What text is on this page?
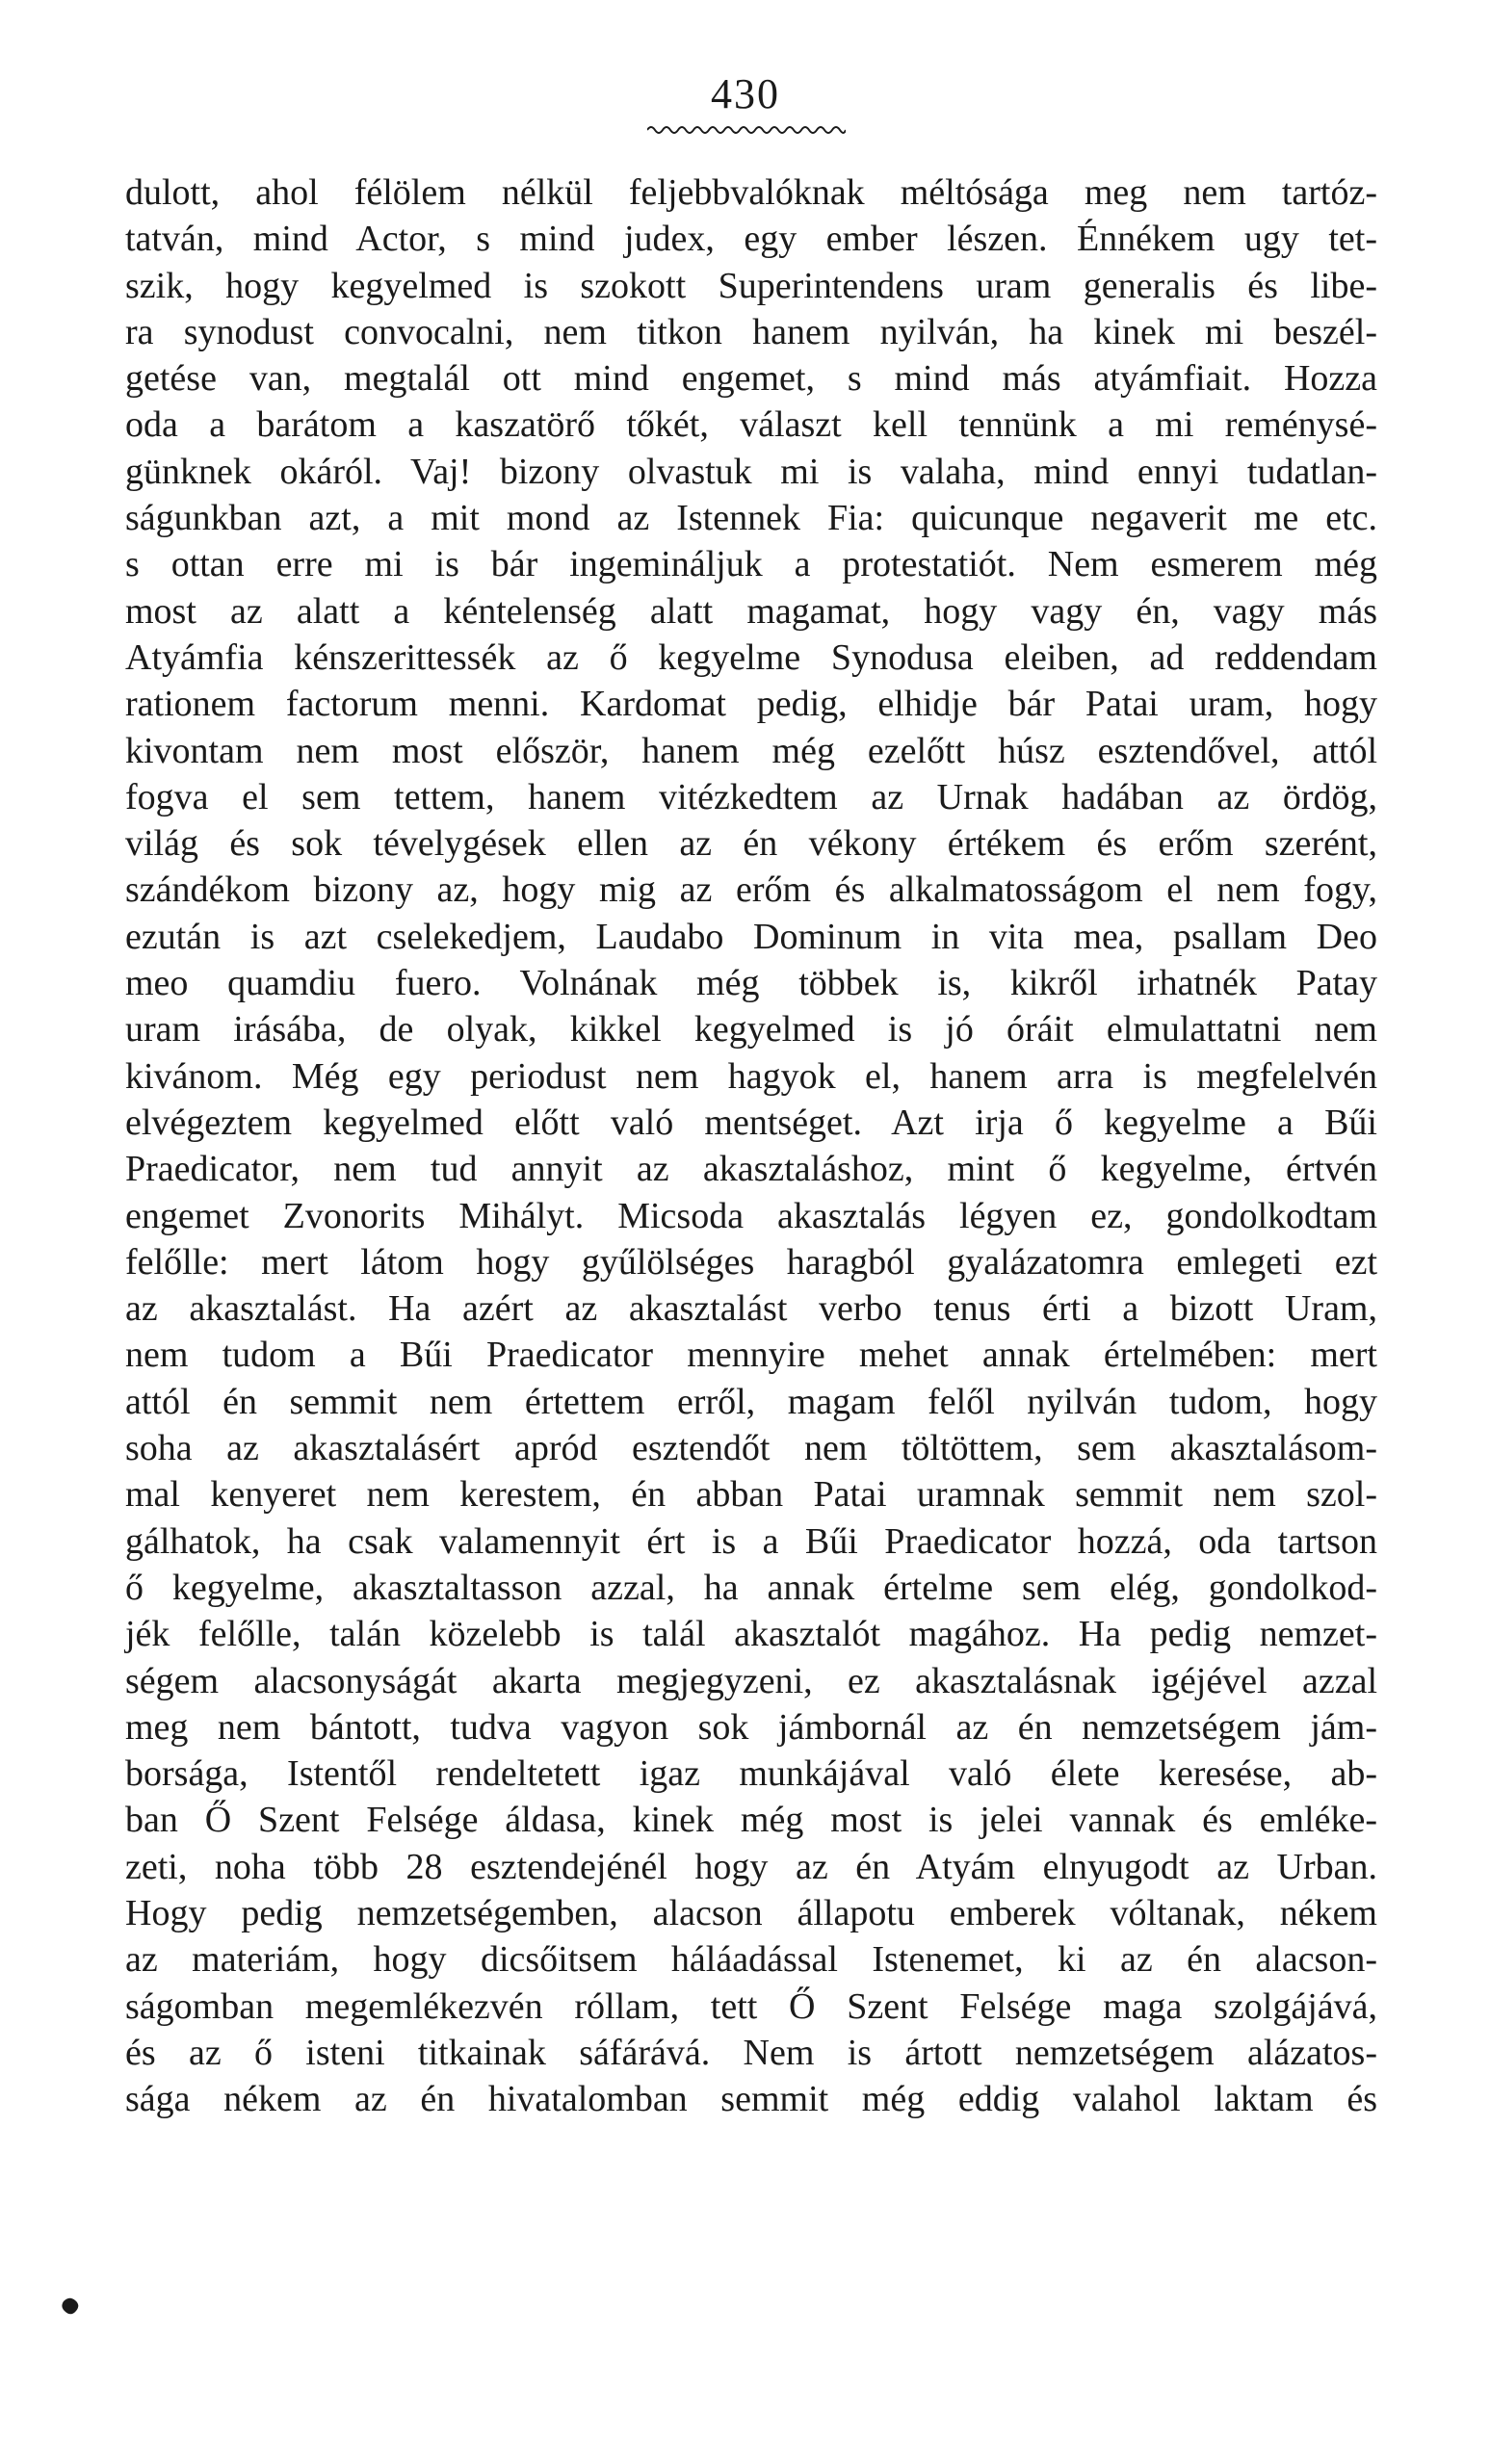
430
dulott, ahol félölem nélkül feljebbvalóknak méltósága meg nem tartóz-
tatván, mind Actor, s mind judex, egy ember lészen. Énnékem ugy tet-
szik, hogy kegyelmed is szokott Superintendens uram generalis és libe-
ra synodust convocalni, nem titkon hanem nyilván, ha kinek mi beszél-
getése van, megtalál ott mind engemet, s mind más atyámfiait. Hozza
oda a barátom a kaszatörő tőkét, választ kell tennünk a mi reménysé-
günknek okáról. Vaj! bizony olvastuk mi is valaha, mind ennyi tudatlan-
ságunkban azt, a mit mond az Istennek Fia: quicunque negaverit me etc.
s ottan erre mi is bár ingemináljuk a protestatiót. Nem esmerem még
most az alatt a kéntelenség alatt magamat, hogy vagy én, vagy más
Atyámfia kénszerittessék az ő kegyelme Synodusa eleiben, ad reddendam
rationem factorum menni. Kardomat pedig, elhidje bár Patai uram, hogy
kivontam nem most először, hanem még ezelőtt húsz esztendővel, attól
fogva el sem tettem, hanem vitézkedtem az Urnak hadában az ördög,
világ és sok tévelygések ellen az én vékony értékem és erőm szerént,
szándékom bizony az, hogy mig az erőm és alkalmatosságom el nem fogy,
ezután is azt cselekedjem, Laudabo Dominum in vita mea, psallam Deo
meo quamdiu fuero. Volnának még többek is, kikről irhatnék Patay
uram irásába, de olyak, kikkel kegyelmed is jó óráit elmulattatni nem
kivánom. Még egy periodust nem hagyok el, hanem arra is megfelelvén
elvégeztem kegyelmed előtt való mentséget. Azt irja ő kegyelme a Bűi
Praedicator, nem tud annyit az akasztaláshoz, mint ő kegyelme, értvén
engemet Zvonorits Mihályt. Micsoda akasztalás légyen ez, gondolkodtam
felőlle: mert látom hogy gyűlölséges haragból gyalázatomra emlegeti ezt
az akasztalást. Ha azért az akasztalást verbo tenus érti a bizott Uram,
nem tudom a Bűi Praedicator mennyire mehet annak értelmében: mert
attól én semmit nem értettem erről, magam felől nyilván tudom, hogy
soha az akasztalásért apród esztendőt nem töltöttem, sem akasztalásom-
mal kenyeret nem kerestem, én abban Patai uramnak semmit nem szol-
gálhatok, ha csak valamennyit ért is a Bűi Praedicator hozzá, oda tartson
ő kegyelme, akasztaltasson azzal, ha annak értelme sem elég, gondolkod-
jék felőlle, talán közelebb is talál akasztalót magához. Ha pedig nemzet-
ségem alacsonyságát akarta megjegyzeni, ez akasztalásnak igéjével azzal
meg nem bántott, tudva vagyon sok jámbornál az én nemzetségem jám-
borsága, Istentől rendeltetett igaz munkájával való élete keresése, ab-
ban Ő Szent Felsége áldasa, kinek még most is jelei vannak és emléke-
zeti, noha több 28 esztendejénél hogy az én Atyám elnyugodt az Urban.
Hogy pedig nemzetségemben, alacson állapotu emberek vóltanak, nékem
az materiám, hogy dicsőitsem háláadással Istenemet, ki az én alacson-
ságomban megemlékezvén róllam, tett Ő Szent Felsége maga szolgájává,
és az ő isteni titkainak sáfárává. Nem is ártott nemzetségem alázatos-
sága nékem az én hivatalomban semmit még eddig valahol laktam és
